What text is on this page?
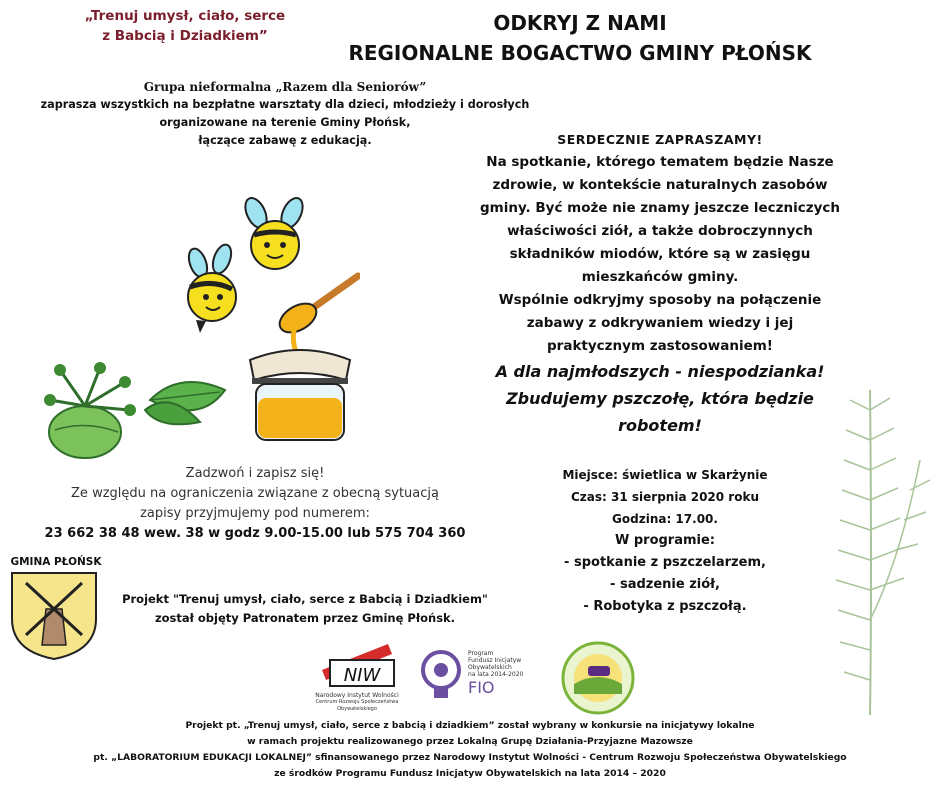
„Trenuj umysł, ciało, serce
z Babcią i Dziadkiem”
ODKRYJ Z NAMI
REGIONALNE BOGACTWO GMINY PŁOŃSK
Grupa nieformalna „Razem dla Seniorów”
zaprasza wszystkich na bezpłatne warsztaty dla dzieci, młodzieży i dorosłych
organizowane na terenie Gminy Płońsk,
łączące zabawę z edukacją.	SERDECZNIE ZAPRASZAMY!
Na spotkanie, którego tematem będzie Nasze
zdrowie, w kontekście naturalnych zasobów
gminy. Być może nie znamy jeszcze leczniczych
właściwości ziół, a także dobroczynnych
składników miodów, które są w zasięgu
mieszkańców gminy.
Wspólnie odkryjmy sposoby na połączenie
zabawy z odkrywaniem wiedzy i jej
praktycznym zastosowaniem!
A dla najmłodszych - niespodzianka!
Zbudujemy pszczołę, która będzie
robotem!
Miejsce: świetlica w Skarżynie
Czas: 31 sierpnia 2020 roku
Godzina: 17.00.
W programie:
- spotkanie z pszczelarzem,
- sadzenie ziół,
- Robotyka z pszczołą.
Zadzwoń i zapisz się!
Ze względu na ograniczenia związane z obecną sytuacją
zapisy przyjmujemy pod numerem:
23 662 38 48 wew. 38 w godz 9.00-15.00 lub 575 704 360
GMINA PŁOŃSK
Projekt "Trenuj umysł, ciało, serce z Babcią i Dziadkiem"
został objęty Patronatem przez Gminę Płońsk.
NIW
Narodowy Instytut Wolności
Centrum Rozwoju Społeczeństwa Obywatelskiego
Program
Fundusz Inicjatyw
Obywatelskich
na lata 2014-2020
FIO
Projekt pt. „Trenuj umysł, ciało, serce z babcią i dziadkiem” został wybrany w konkursie na inicjatywy lokalne
w ramach projektu realizowanego przez Lokalną Grupę Działania-Przyjazne Mazowsze
pt. „LABORATORIUM EDUKACJI LOKALNEJ” sfinansowanego przez Narodowy Instytut Wolności - Centrum Rozwoju Społeczeństwa Obywatelskiego
ze środków Programu Fundusz Inicjatyw Obywatelskich na lata 2014 – 2020
